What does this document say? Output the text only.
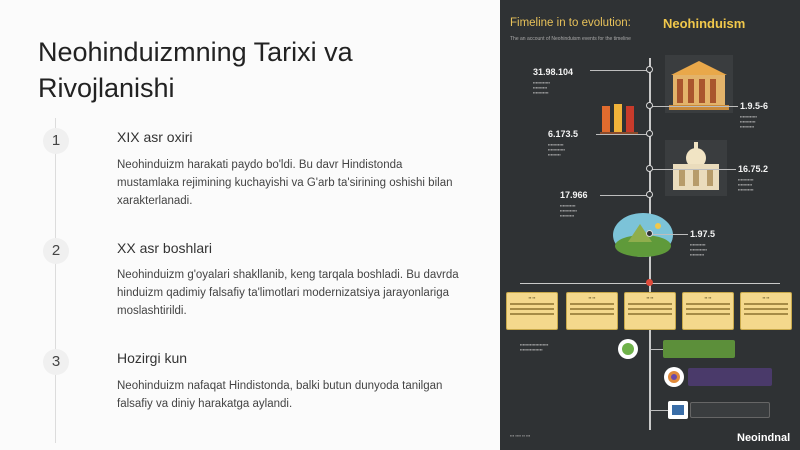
Neohinduizmning Tarixi va Rivojlanishi
1	XIX asr oxiri
Neohinduizm harakati paydo bo'ldi. Bu davr Hindistonda mustamlaka rejimining kuchayishi va G'arb ta'sirining oshishi bilan xarakterlanadi.
2	XX asr boshlari
Neohinduizm g'oyalari shakllanib, keng tarqala boshladi. Bu davrda hinduizm qadimiy falsafiy ta'limotlari modernizatsiya jarayonlariga moslashtirildi.
3	Hozirgi kun
Neohinduizm nafaqat Hindistonda, balki butun dunyoda tanilgan falsafiy va diniy harakatga aylandi.
Fimeline in to evolution: Neohinduism
The an account of Neohinduism events for the timeline
31.98.104
▪▪▪▪▪▪▪▪▪▪▪▪
▪▪▪▪▪▪▪▪▪▪
▪▪▪▪▪▪▪▪▪▪▪
1.9.5-6
▪▪▪▪▪▪▪▪▪▪▪▪
▪▪▪▪▪▪▪▪▪▪▪
▪▪▪▪▪▪▪▪▪▪
6.173.5
▪▪▪▪▪▪▪▪▪▪▪
▪▪▪▪▪▪▪▪▪▪▪▪
▪▪▪▪▪▪▪▪▪
16.75.2
▪▪▪▪▪▪▪▪▪▪▪
▪▪▪▪▪▪▪▪▪▪
▪▪▪▪▪▪▪▪▪▪▪
17.966
▪▪▪▪▪▪▪▪▪▪▪
▪▪▪▪▪▪▪▪▪▪▪▪
▪▪▪▪▪▪▪▪▪▪
1.97.5
▪▪▪▪▪▪▪▪▪▪▪
▪▪▪▪▪▪▪▪▪▪▪▪
▪▪▪▪▪▪▪▪▪▪
▪▪ ▪▪	▪▪ ▪▪	▪▪ ▪▪	▪▪ ▪▪	▪▪ ▪▪
▪▪▪▪▪▪▪▪▪▪▪▪▪▪▪▪▪▪▪▪
▪▪▪▪▪▪▪▪▪▪▪▪▪▪▪▪
▪▪▪ ▪▪▪▪ ▪▪ ▪▪▪	Neoindnal
